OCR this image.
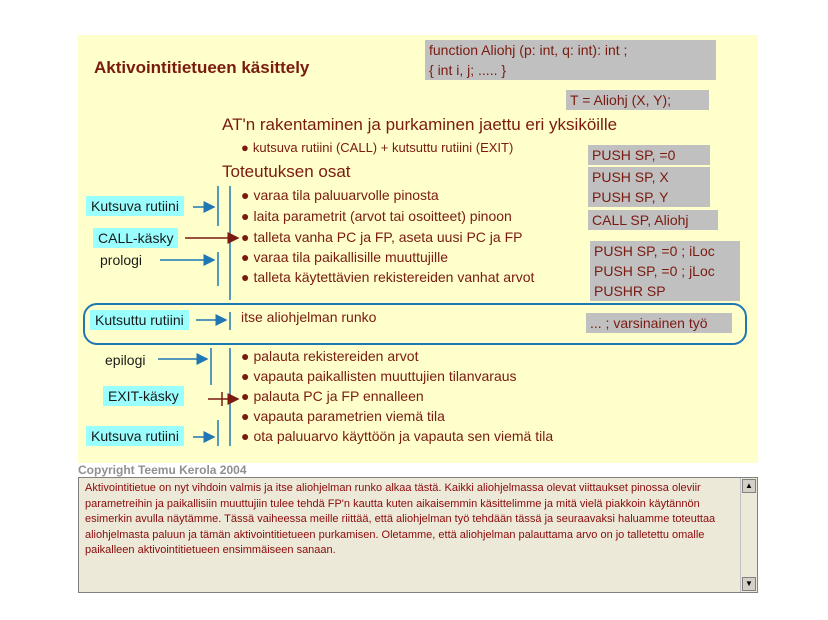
Aktivointitietueen käsittely
function Aliohj (p: int, q: int): int ;
{ int i, j; ..... }
T = Aliohj (X, Y);
AT'n rakentaminen ja purkaminen jaettu eri yksiköille
● kutsuva rutiini (CALL) + kutsuttu rutiini (EXIT)
Toteutuksen osat
● varaa tila paluuarvolle pinosta
● laita parametrit (arvot tai osoitteet) pinoon
● talleta vanha PC ja FP, aseta uusi PC ja FP
● varaa tila paikallisille muuttujille
● talleta käytettävien rekistereiden vanhat arvot
itse aliohjelman runko
● palauta rekistereiden arvot
● vapauta paikallisten muuttujien tilanvaraus
● palauta PC ja FP ennalleen
● vapauta parametrien viemä tila
● ota paluuarvo käyttöön ja vapauta sen viemä tila
PUSH SP, =0
PUSH SP, X
PUSH SP, Y
CALL SP, Aliohj
PUSH SP, =0 ; iLoc
PUSH SP, =0 ; jLoc
PUSHR SP
... ; varsinainen työ
Kutsuva rutiini
CALL-käsky
prologi
Kutsuttu rutiini
epilogi
EXIT-käsky
Kutsuva rutiini
Copyright Teemu Kerola 2004
Aktivointitietue on nyt vihdoin valmis ja itse aliohjelman runko alkaa tästä. Kaikki aliohjelmassa olevat viittaukset pinossa oleviir parametreihin ja paikallisiin muuttujiin tulee tehdä FP'n kautta kuten aikaisemmin käsittelimme ja mitä vielä piakkoin käytännön esimerkin avulla näytämme. Tässä vaiheessa meille riittää, että aliohjelman työ tehdään tässä ja seuraavaksi haluamme toteuttaa aliohjelmasta paluun ja tämän aktivointitietueen purkamisen. Oletamme, että aliohjelman palauttama arvo on jo talletettu omalle paikalleen aktivointitietueen ensimmäiseen sanaan.
▲
▼
